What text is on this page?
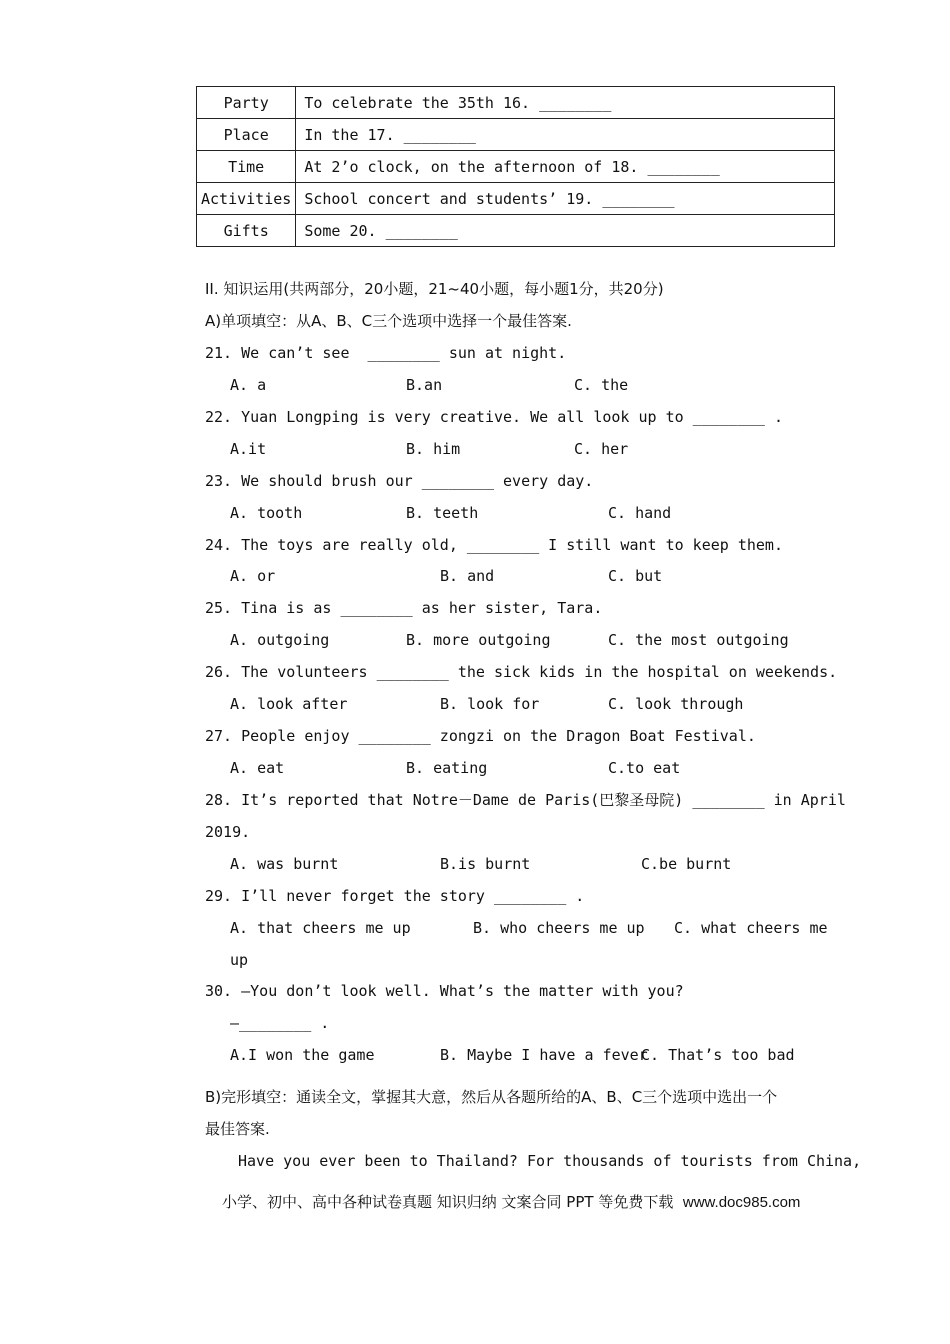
Party	To celebrate the 35th 16. ________
Place	In the 17. ________
Time	At 2’o clock, on the afternoon of 18. ________
Activities	School concert and students’ 19. ________
Gifts	Some 20. ________
II. 知识运用(共两部分，20小题，21~40小题，每小题1分，共20分)
A)单项填空：从A、B、C三个选项中选择一个最佳答案.
21. We can’t see  ________ sun at night.
A. a	B.an	C. the
22. Yuan Longping is very creative. We all look up to ________ .
A.it	B. him	C. her
23. We should brush our ________ every day.
A. tooth	B. teeth	C. hand
24. The toys are really old, ________ I still want to keep them.
A. or	B. and	C. but
25. Tina is as ________ as her sister, Tara.
A. outgoing	B. more outgoing	C. the most outgoing
26. The volunteers ________ the sick kids in the hospital on weekends.
A. look after	B. look for	C. look through
27. People enjoy ________ zongzi on the Dragon Boat Festival.
A. eat	B. eating	C.to eat
28. It’s reported that Notre－Dame de Paris(巴黎圣母院) ________ in April
2019.
A. was burnt	B.is burnt	C.be burnt
29. I’ll never forget the story ________ .
A. that cheers me up	B. who cheers me up C. what cheers me
up
30. —You don’t look well. What’s the matter with you?
—________ .
A.I won the game	B. Maybe I have a fever
C. That’s too bad
B)完形填空：通读全文，掌握其大意，然后从各题所给的A、B、C三个选项中选出一个
最佳答案.
Have you ever been to Thailand? For thousands of tourists from China,
小学、初中、高中各种试卷真题 知识归纳 文案合同 PPT 等免费下载  www.doc985.com
